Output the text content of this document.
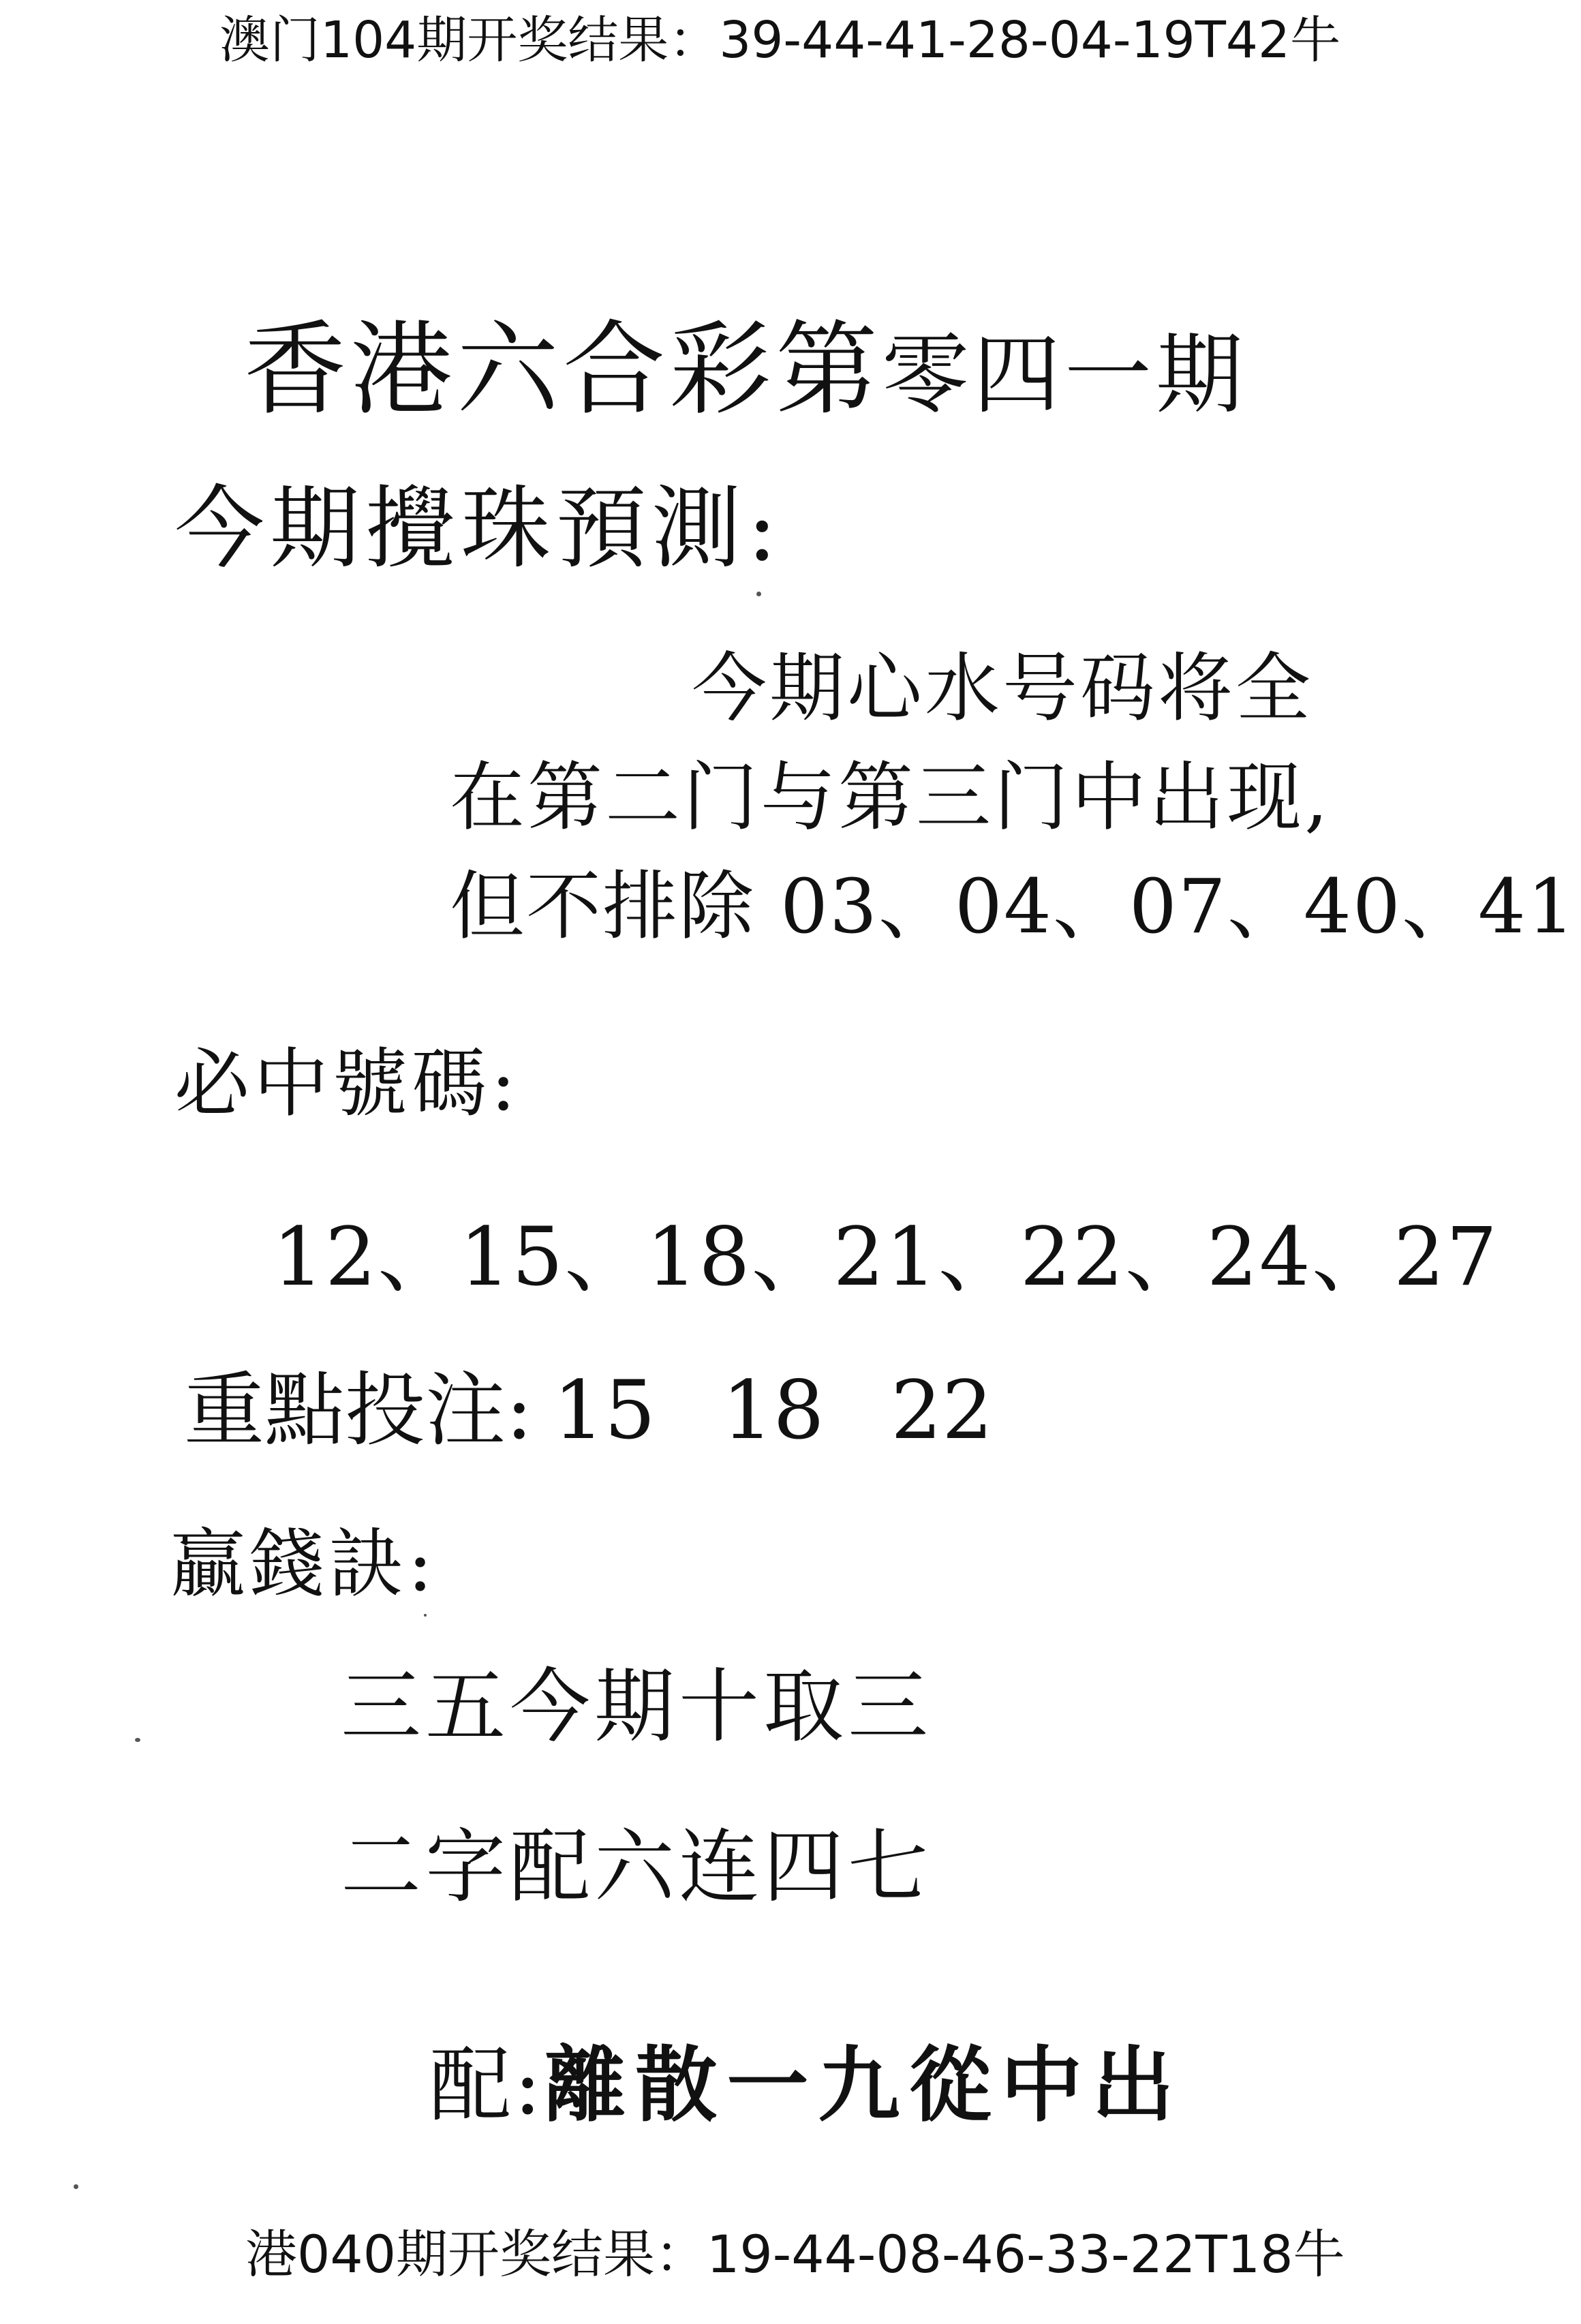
澳门104期开奖结果：39-44-41-28-04-19T42牛
香港六合彩第零四一期
今期攪珠預測:
今期心水号码将全
在第二门与第三门中出现,
但不排除 03、04、07、40、41
必中號碼:
12、15、18、21、22、24、27
重點投注: 15 18 22
贏錢訣:
三五今期十取三
二字配六连四七
配:離散一九從中出
港040期开奖结果：19-44-08-46-33-22T18牛
